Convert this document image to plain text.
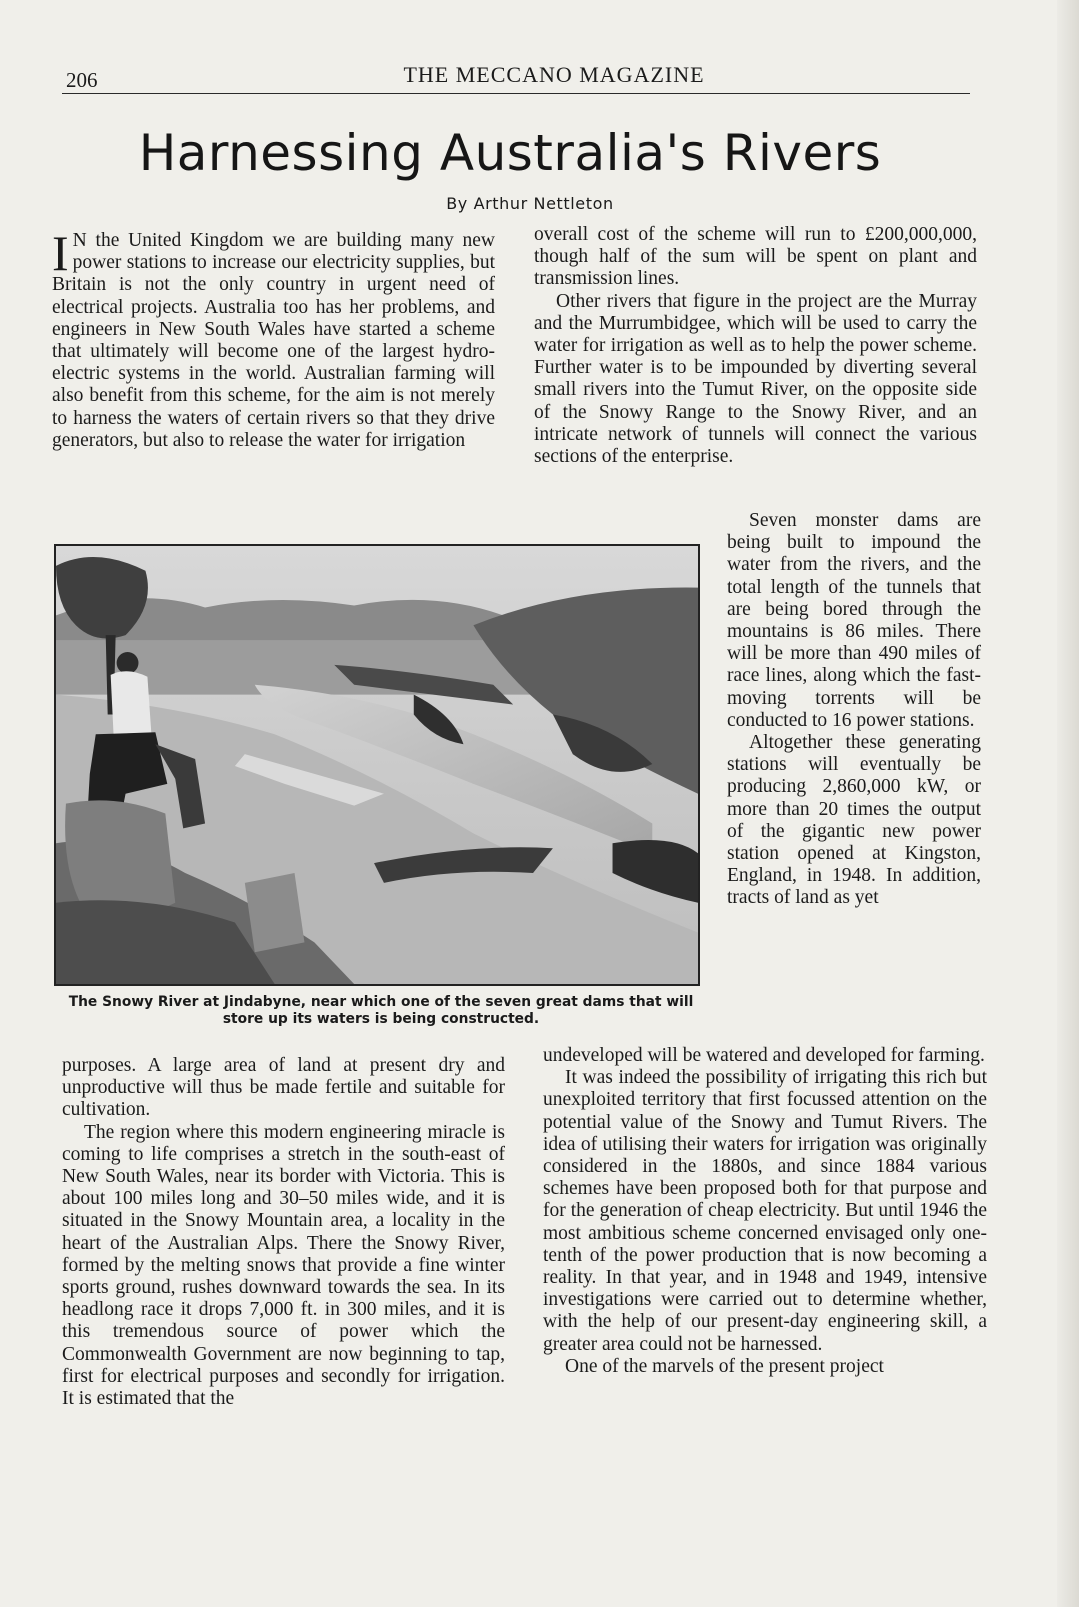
206	THE MECCANO MAGAZINE
Harnessing Australia's Rivers
By Arthur Nettleton

I N the United Kingdom we are building many new power stations to increase our electricity supplies, but Britain is not the only country in urgent need of electrical projects. Australia too has her problems, and engineers in New South Wales have started a scheme that ultimately will become one of the largest hydro-electric systems in the world. Australian farming will also benefit from this scheme, for the aim is not merely to harness the waters of certain rivers so that they drive generators, but also to release the water for irrigation

overall cost of the scheme will run to £200,000,000, though half of the sum will be spent on plant and transmission lines.

Other rivers that figure in the project are the Murray and the Murrumbidgee, which will be used to carry the water for irrigation as well as to help the power scheme. Further water is to be impounded by diverting several small rivers into the Tumut River, on the opposite side of the Snowy Range to the Snowy River, and an intricate network of tunnels will connect the various sections of the enterprise.

The Snowy River at Jindabyne, near which one of the seven great dams that will store up its waters is being constructed.

Seven monster dams are being built to impound the water from the rivers, and the total length of the tunnels that are being bored through the mountains is 86 miles. There will be more than 490 miles of race lines, along which the fast-moving torrents will be conducted to 16 power stations.

Altogether these generating stations will eventually be producing 2,860,000 kW, or more than 20 times the output of the gigantic new power station opened at Kingston, England, in 1948. In addition, tracts of land as yet

purposes. A large area of land at present dry and unproductive will thus be made fertile and suitable for cultivation.

The region where this modern engineering miracle is coming to life comprises a stretch in the south-east of New South Wales, near its border with Victoria. This is about 100 miles long and 30–50 miles wide, and it is situated in the Snowy Mountain area, a locality in the heart of the Australian Alps. There the Snowy River, formed by the melting snows that provide a fine winter sports ground, rushes downward towards the sea. In its headlong race it drops 7,000 ft. in 300 miles, and it is this tremendous source of power which the Commonwealth Government are now beginning to tap, first for electrical purposes and secondly for irrigation. It is estimated that the

undeveloped will be watered and developed for farming.

It was indeed the possibility of irrigating this rich but unexploited territory that first focussed attention on the potential value of the Snowy and Tumut Rivers. The idea of utilising their waters for irrigation was originally considered in the 1880s, and since 1884 various schemes have been proposed both for that purpose and for the generation of cheap electricity. But until 1946 the most ambitious scheme concerned envisaged only one-tenth of the power production that is now becoming a reality. In that year, and in 1948 and 1949, intensive investigations were carried out to determine whether, with the help of our present-day engineering skill, a greater area could not be harnessed.

One of the marvels of the present project
